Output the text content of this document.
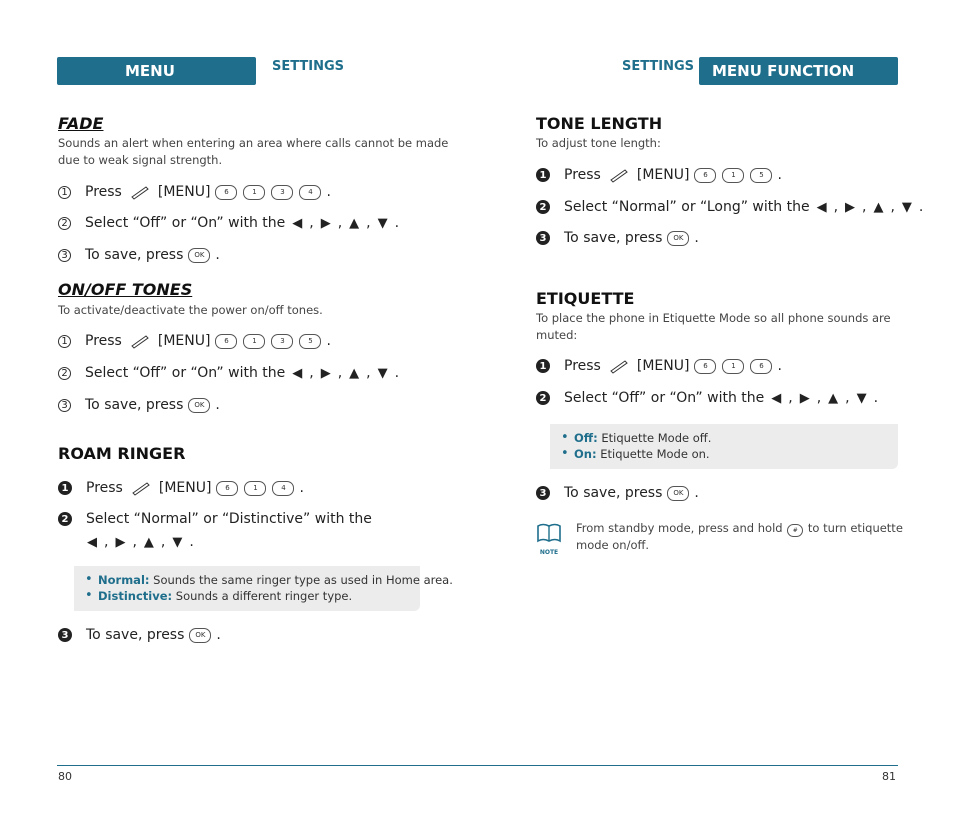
MENU FUNCTION
SETTINGS	SETTINGS	MENU FUNCTION
FADE
Sounds an alert when entering an area where calls cannot be made
due to weak signal strength.
1 Press	[MENU]	6	1	3	4 .
2 Select “Off” or “On” with the ◀ , ▶ , ▲ , ▼ .
3 To save, press	OK .
ON/OFF TONES
To activate/deactivate the power on/off tones.
1 Press	[MENU]	6	1	3	5 .
2 Select “Off” or “On” with the ◀ , ▶ , ▲ , ▼ .
3 To save, press	OK .
ROAM RINGER
1 Press	[MENU]	6	1	4 .
2 Select “Normal” or “Distinctive” with the
◀ , ▶ , ▲ , ▼ .
• Normal: Sounds the same ringer type as used in Home area.
• Distinctive: Sounds a different ringer type.
3 To save, press	OK .
TONE LENGTH
To adjust tone length:
1 Press	[MENU]	6	1	5 .
2 Select “Normal” or “Long” with the ◀ , ▶ , ▲ , ▼ .
3 To save, press	OK .
ETIQUETTE
To place the phone in Etiquette Mode so all phone sounds are
muted:
1 Press	[MENU]	6	1	6 .
2 Select “Off” or “On” with the ◀ , ▶ , ▲ , ▼ .
• Off: Etiquette Mode off.
• On: Etiquette Mode on.
3 To save, press	OK .
NOTE
From standby mode, press and hold # to turn etiquette
mode on/off.
80	81
